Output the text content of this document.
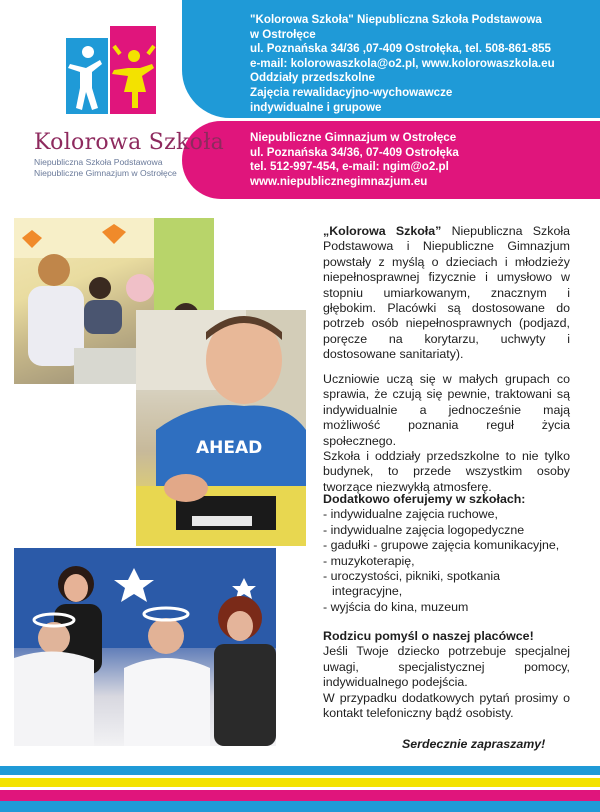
"Kolorowa Szkoła" Niepubliczna Szkoła Podstawowa
w Ostrołęce
ul. Poznańska 34/36 ,07-409 Ostrołęka, tel. 508-861-855
e-mail: kolorowaszkola@o2.pl, www.kolorowaszkola.eu
Oddziały przedszkolne
Zajęcia rewalidacyjno-wychowawcze
indywidualne i grupowe
Niepubliczne Gimnazjum w Ostrołęce
ul. Poznańska 34/36, 07-409 Ostrołęka
tel. 512-997-454, e-mail: ngim@o2.pl
www.niepublicznegimnazjum.eu
Kolorowa Szkoła
Niepubliczna Szkoła Podstawowa
Niepubliczne Gimnazjum w Ostrołęce
AHEAD

„Kolorowa Szkoła” Niepubliczna Szkoła Podstawowa i Niepubliczne Gimnazjum powstały z myślą o dzieciach i młodzieży niepełnosprawnej fizycznie i umysłowo w stopniu umiarkowanym, znacznym i głębokim. Placówki są dostosowane do potrzeb osób niepełnosprawnych (podjazd, poręcze na korytarzu, uchwyty i dostosowane sanitariaty).

Uczniowie uczą się w małych grupach co sprawia, że czują się pewnie, traktowani są indywidualnie a jednocześnie mają możliwość poznania reguł życia społecznego.

Szkoła i oddziały przedszkolne to nie tylko budynek, to przede wszystkim osoby tworzące niezwykłą atmosferę.

Dodatkowo oferujemy w szkołach:
- indywidualne zajęcia ruchowe,
- indywidualne zajęcia logopedyczne
- gadułki - grupowe zajęcia komunikacyjne,
- muzykoterapię,
- uroczystości, pikniki, spotkania
integracyjne,
- wyjścia do kina, muzeum
Rodzicu pomyśl o naszej placówce!

Jeśli Twoje dziecko potrzebuje specjalnej uwagi, specjalistycznej pomocy, indywidualnego podejścia.

W przypadku dodatkowych pytań prosimy o kontakt telefoniczny bądź osobisty.

Serdecznie zapraszamy!
